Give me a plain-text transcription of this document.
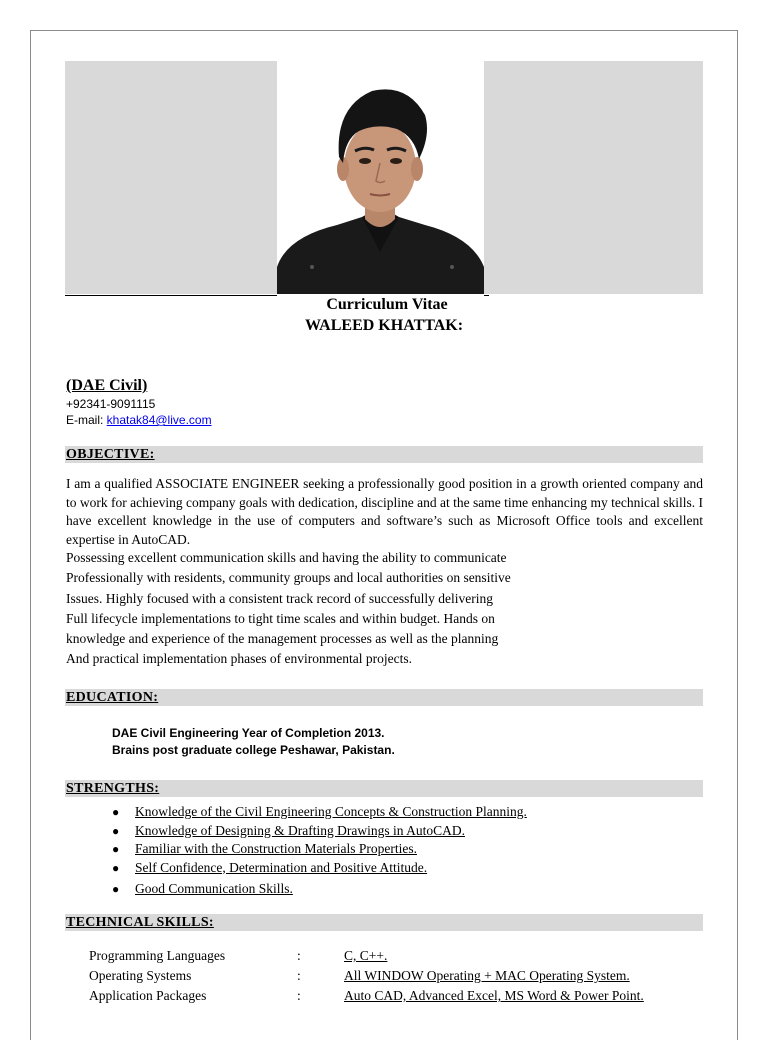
Curriculum Vitae
WALEED KHATTAK:
(DAE Civil)
+92341-9091115
E-mail: khatak84@live.com
OBJECTIVE:
I am a qualified ASSOCIATE ENGINEER seeking a professionally good position in a growth oriented company and to work for achieving company goals with dedication, discipline and at the same time enhancing my technical skills. I have excellent knowledge in the use of computers and software’s such as Microsoft Office tools and excellent expertise in AutoCAD.
Possessing excellent communication skills and having the ability to communicate
Professionally with residents, community groups and local authorities on sensitive
Issues. Highly focused with a consistent track record of successfully delivering
Full lifecycle implementations to tight time scales and within budget. Hands on
knowledge and experience of the management processes as well as the planning
And practical implementation phases of environmental projects.
EDUCATION:
DAE Civil Engineering Year of Completion 2013.
Brains post graduate college Peshawar, Pakistan.
STRENGTHS:
●	Knowledge of the Civil Engineering Concepts & Construction Planning.
●	Knowledge of Designing & Drafting Drawings in AutoCAD.
●	Familiar with the Construction Materials Properties.
●	Self Confidence, Determination and Positive Attitude.
●	Good Communication Skills.
TECHNICAL SKILLS:
Programming Languages	:	C, C++.
Operating Systems	:	All WINDOW Operating + MAC Operating System.
Application Packages	:	Auto CAD, Advanced Excel, MS Word & Power Point.
